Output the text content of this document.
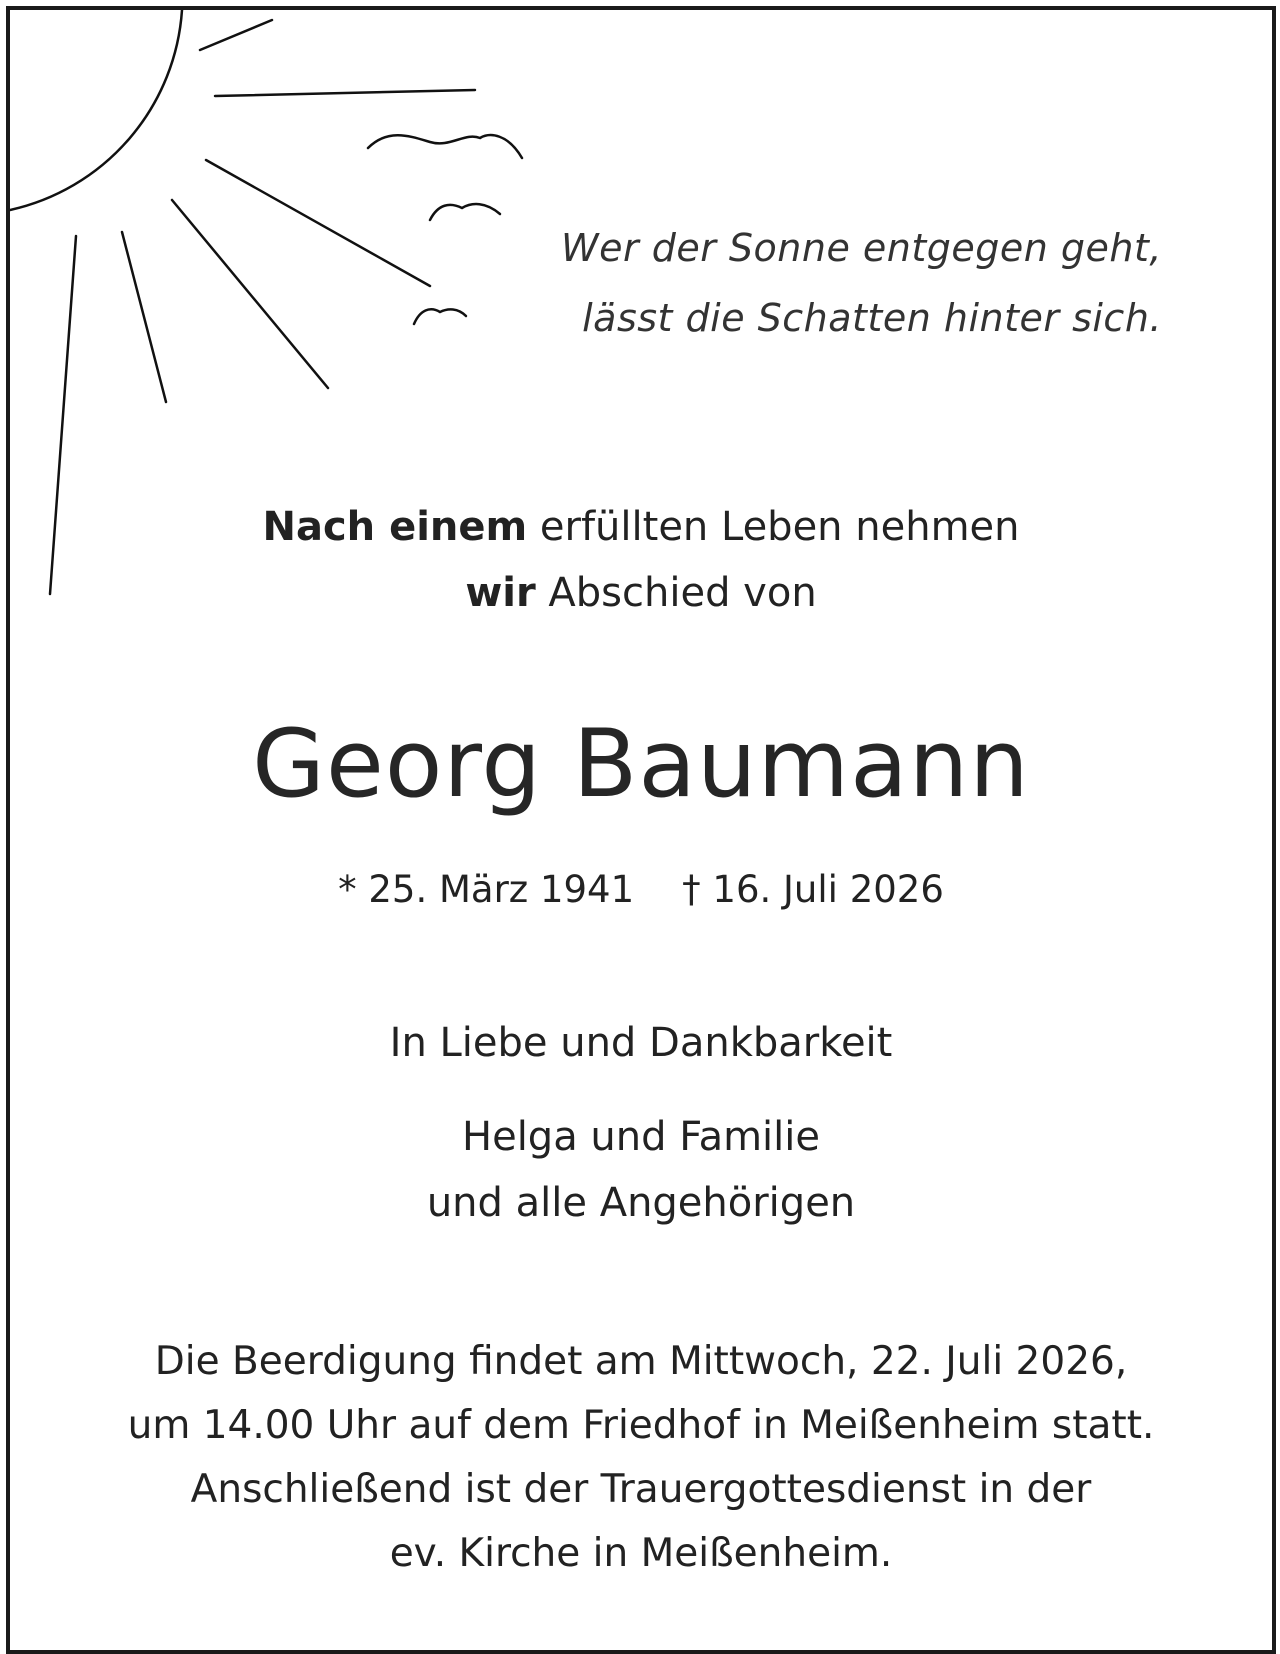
Wer der Sonne entgegen geht,
lässt die Schatten hinter sich.
Nach einem erfüllten Leben nehmen
wir Abschied von
Georg Baumann
* 25. März 1941 † 16. Juli 2026
In Liebe und Dankbarkeit
Helga und Familie
und alle Angehörigen
Die Beerdigung findet am Mittwoch, 22. Juli 2026,
um 14.00 Uhr auf dem Friedhof in Meißenheim statt.
Anschließend ist der Trauergottesdienst in der
ev. Kirche in Meißenheim.
